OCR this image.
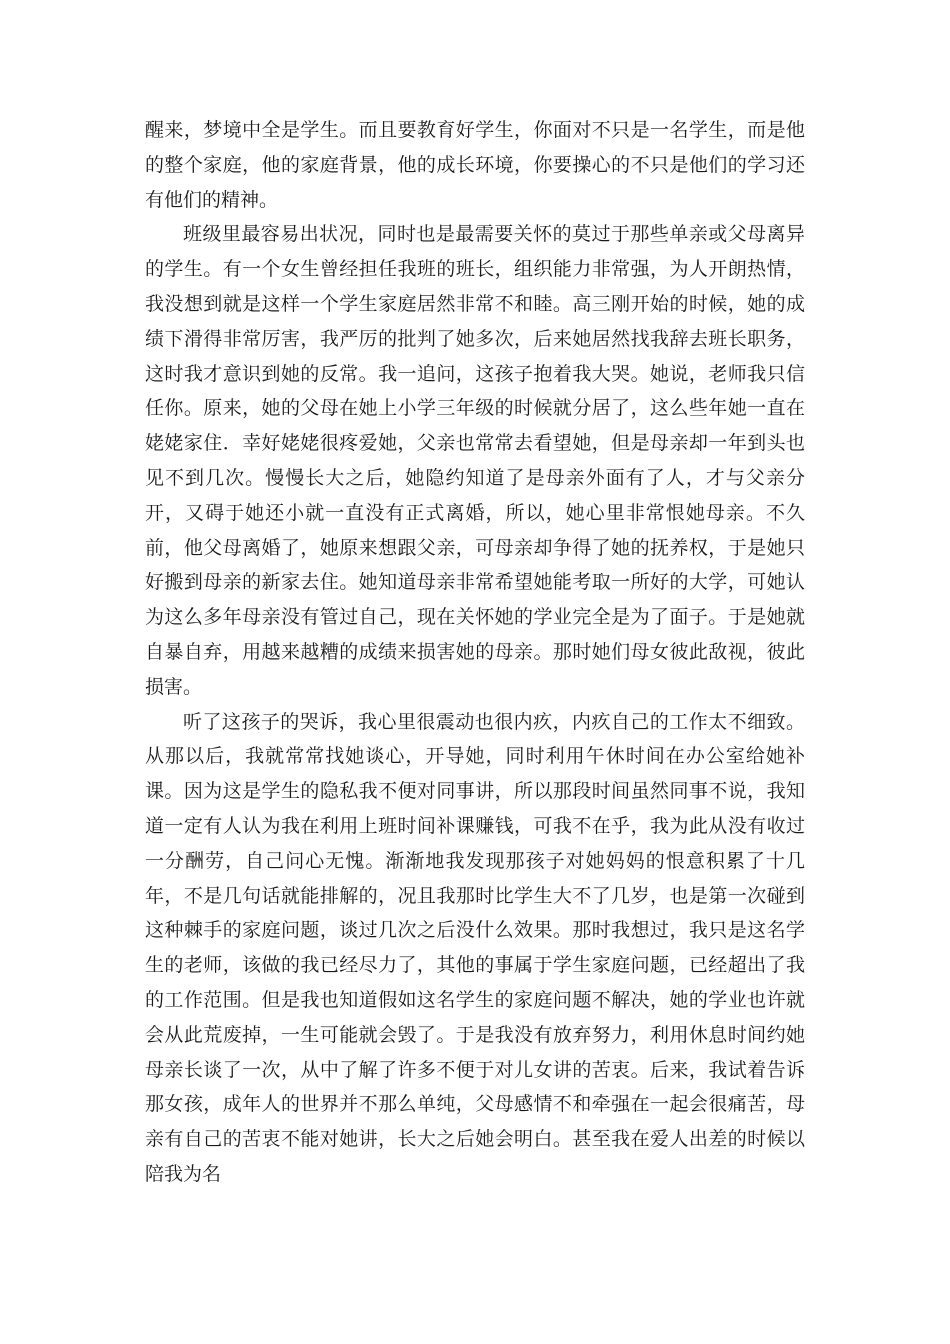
醒来，梦境中全是学生。而且要教育好学生，你面对不只是一名学生，而是他的整个家庭，他的家庭背景，他的成长环境，你要操心的不只是他们的学习还有他们的精神。

班级里最容易出状况，同时也是最需要关怀的莫过于那些单亲或父母离异的学生。有一个女生曾经担任我班的班长，组织能力非常强，为人开朗热情，我没想到就是这样一个学生家庭居然非常不和睦。高三刚开始的时候，她的成绩下滑得非常厉害，我严厉的批判了她多次，后来她居然找我辞去班长职务，这时我才意识到她的反常。我一追问，这孩子抱着我大哭。她说，老师我只信任你。原来，她的父母在她上小学三年级的时候就分居了，这么些年她一直在姥姥家住．幸好姥姥很疼爱她，父亲也常常去看望她，但是母亲却一年到头也见不到几次。慢慢长大之后，她隐约知道了是母亲外面有了人，才与父亲分开，又碍于她还小就一直没有正式离婚，所以，她心里非常恨她母亲。不久前，他父母离婚了，她原来想跟父亲，可母亲却争得了她的抚养权，于是她只好搬到母亲的新家去住。她知道母亲非常希望她能考取一所好的大学，可她认为这么多年母亲没有管过自己，现在关怀她的学业完全是为了面子。于是她就自暴自弃，用越来越糟的成绩来损害她的母亲。那时她们母女彼此敌视，彼此损害。

听了这孩子的哭诉，我心里很震动也很内疚，内疚自己的工作太不细致。从那以后，我就常常找她谈心，开导她，同时利用午休时间在办公室给她补课。因为这是学生的隐私我不便对同事讲，所以那段时间虽然同事不说，我知道一定有人认为我在利用上班时间补课赚钱，可我不在乎，我为此从没有收过一分酬劳，自己问心无愧。渐渐地我发现那孩子对她妈妈的恨意积累了十几年，不是几句话就能排解的，况且我那时比学生大不了几岁，也是第一次碰到这种棘手的家庭问题，谈过几次之后没什么效果。那时我想过，我只是这名学生的老师，该做的我已经尽力了，其他的事属于学生家庭问题，已经超出了我的工作范围。但是我也知道假如这名学生的家庭问题不解决，她的学业也许就会从此荒废掉，一生可能就会毁了。于是我没有放弃努力，利用休息时间约她母亲长谈了一次，从中了解了许多不便于对儿女讲的苦衷。后来，我试着告诉那女孩，成年人的世界并不那么单纯，父母感情不和牵强在一起会很痛苦，母亲有自己的苦衷不能对她讲，长大之后她会明白。甚至我在爱人出差的时候以陪我为名
